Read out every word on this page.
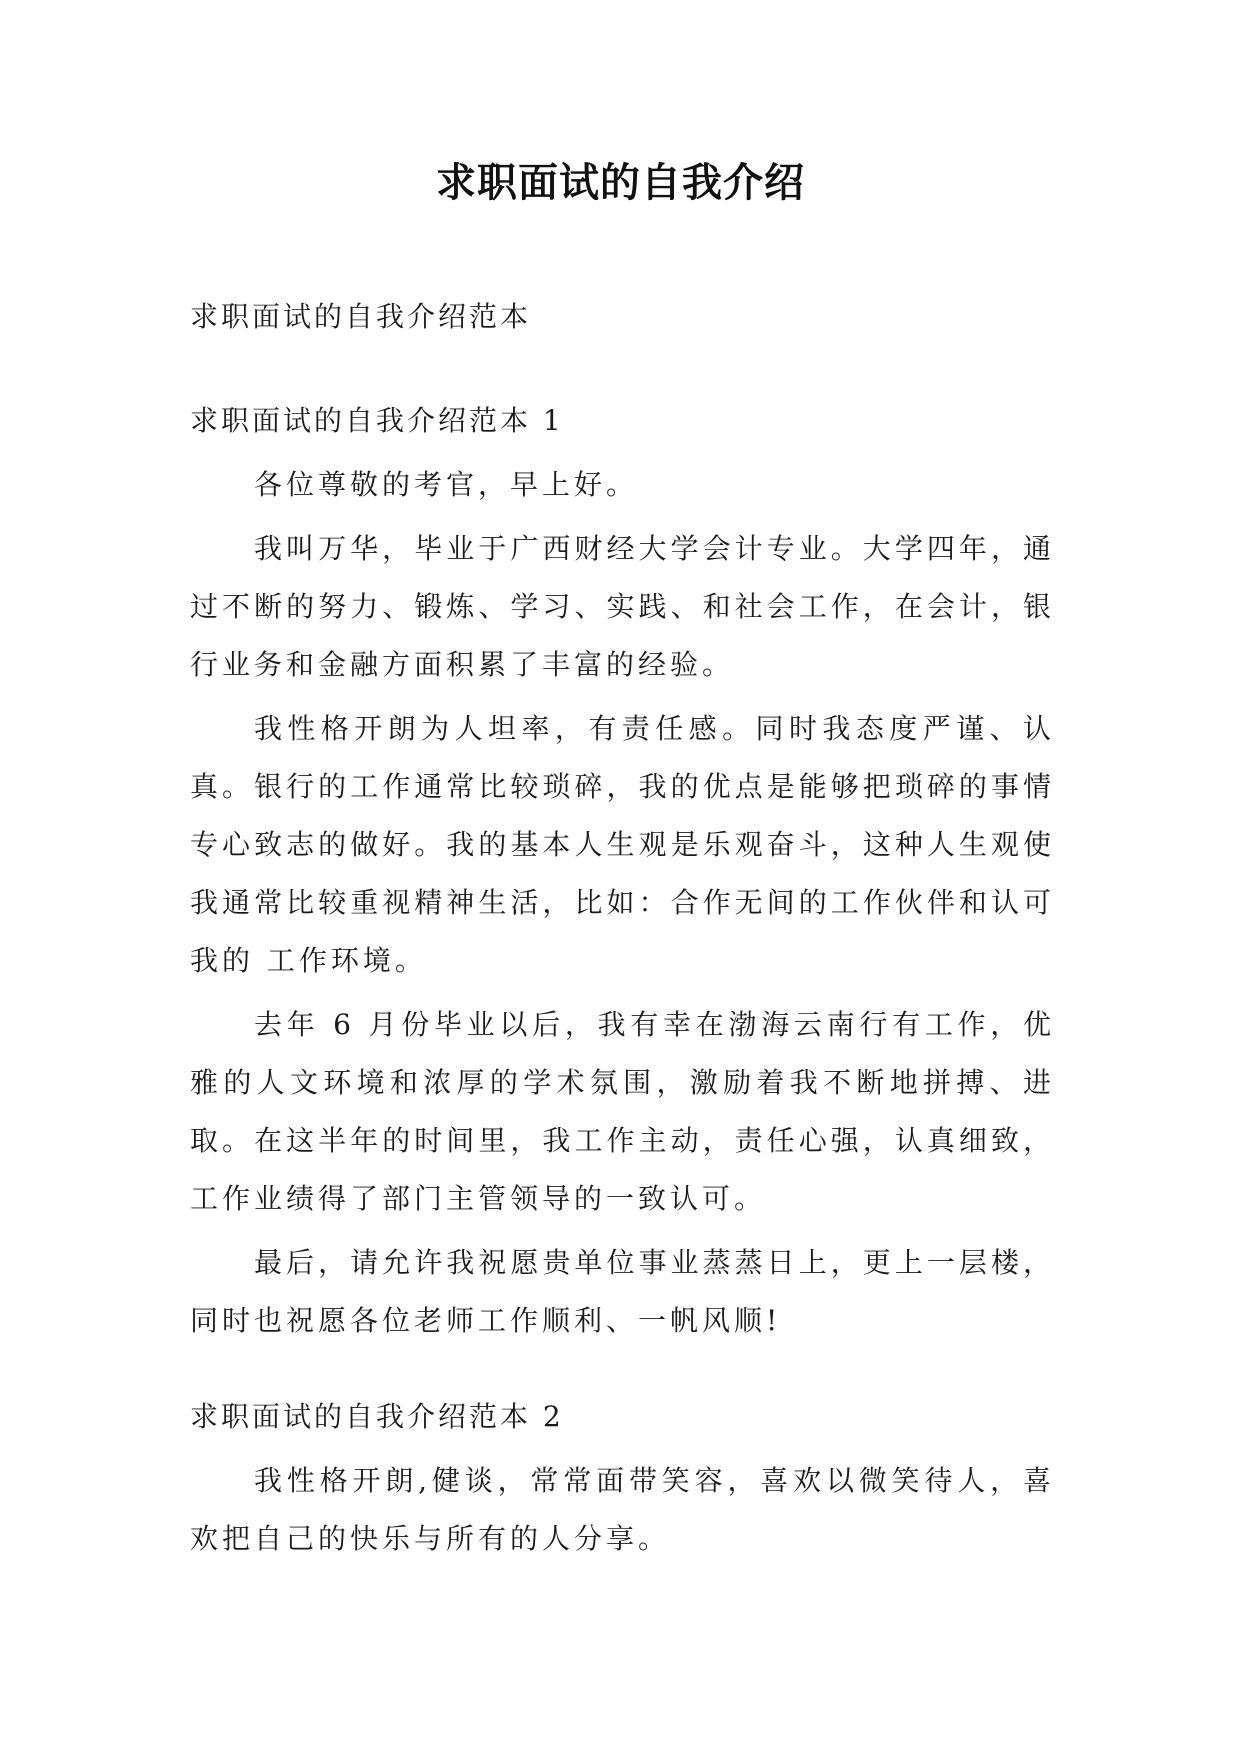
求职面试的自我介绍

求职面试的自我介绍范本

求职面试的自我介绍范本 1

各位尊敬的考官，早上好。

我叫万华，毕业于广西财经大学会计专业。大学四年，通过不断的努力、锻炼、学习、实践、和社会工作，在会计，银行业务和金融方面积累了丰富的经验。

我性格开朗为人坦率，有责任感。同时我态度严谨、认真。银行的工作通常比较琐碎，我的优点是能够把琐碎的事情专心致志的做好。我的基本人生观是乐观奋斗，这种人生观使我通常比较重视精神生活，比如：合作无间的工作伙伴和认可我的 工作环境。

去年 6 月份毕业以后，我有幸在渤海云南行有工作，优雅的人文环境和浓厚的学术氛围，激励着我不断地拼搏、进取。在这半年的时间里，我工作主动，责任心强，认真细致，工作业绩得了部门主管领导的一致认可。

最后，请允许我祝愿贵单位事业蒸蒸日上，更上一层楼，同时也祝愿各位老师工作顺利、一帆风顺!

求职面试的自我介绍范本 2

我性格开朗,健谈，常常面带笑容，喜欢以微笑待人，喜欢把自己的快乐与所有的人分享。
